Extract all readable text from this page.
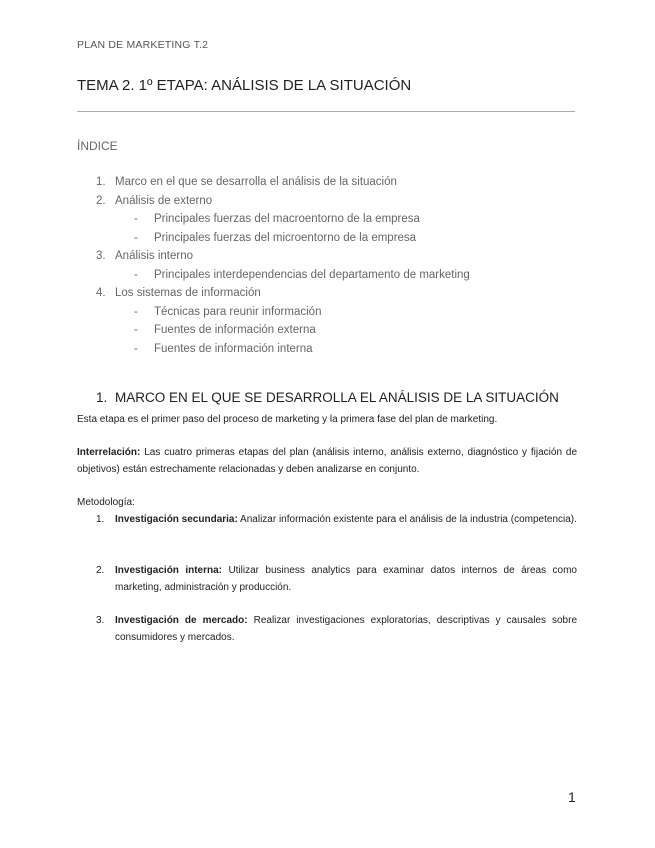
PLAN DE MARKETING T.2
TEMA 2. 1º ETAPA: ANÁLISIS DE LA SITUACIÓN
ÍNDICE
1. Marco en el que se desarrolla el análisis de la situación
2. Análisis de externo
- Principales fuerzas del macroentorno de la empresa
- Principales fuerzas del microentorno de la empresa
3. Análisis interno
- Principales interdependencias del departamento de marketing
4. Los sistemas de información
- Técnicas para reunir información
- Fuentes de información externa
- Fuentes de información interna
1. MARCO EN EL QUE SE DESARROLLA EL ANÁLISIS DE LA SITUACIÓN
Esta etapa es el primer paso del proceso de marketing y la primera fase del plan de marketing.
Interrelación: Las cuatro primeras etapas del plan (análisis interno, análisis externo, diagnóstico y fijación de objetivos) están estrechamente relacionadas y deben analizarse en conjunto.
Metodología:
1. Investigación secundaria: Analizar información existente para el análisis de la industria (competencia).
2. Investigación interna: Utilizar business analytics para examinar datos internos de áreas como marketing, administración y producción.
3. Investigación de mercado: Realizar investigaciones exploratorias, descriptivas y causales sobre consumidores y mercados.
1
